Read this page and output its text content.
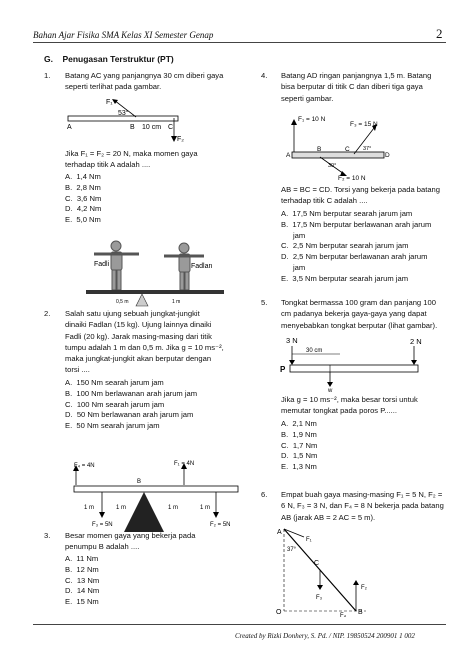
Bahan Ajar Fisika SMA Kelas XI Semester Genap	2
G. Penugasan Terstruktur (PT)
1. Batang AC yang panjangnya 30 cm diberi gaya
seperti terlihat pada gambar.
F₁
F₂
53°
A	B 10 cm C
Jika F₁ = F₂ = 20 N, maka momen gaya
terhadap titik A adalah ....
A.  1,4 Nm
B.  2,8 Nm
C.  3,6 Nm
D.  4,2 Nm
E.  5,0 Nm
Fadli	Fadlan
0,5 m	1 m
2. Salah satu ujung sebuah jungkat-jungkit
dinaiki Fadlan (15 kg). Ujung lainnya dinaiki
Fadli (20 kg). Jarak masing-masing dari titik
tumpu adalah 1 m dan 0,5 m. Jika g = 10 ms⁻²,
maka jungkat-jungkit akan berputar dengan
torsi ....
A.  150 Nm searah jarum jam
B.  100 Nm berlawanan arah jarum jam
C.  100 Nm searah jarum jam
D.  50 Nm berlawanan arah jarum jam
E.  50 Nm searah jarum jam
F₄ = 4N	F₁ = 4N
B
F₃ = 5N	F₂ = 5N
1 m	1 m	1 m	1 m
3. Besar momen gaya yang bekerja pada
penumpu B adalah ....
A.  11 Nm
B.  12 Nm
C.  13 Nm
D.  14 Nm
E.  15 Nm
4. Batang AD ringan panjangnya 1,5 m. Batang
bisa berputar di titik C dan diberi tiga gaya
seperti gambar.
F₁ = 10 N
F₃ = 15 N
37°
30°
F₂ = 10 N
A
B	C
D
AB = BC = CD. Torsi yang bekerja pada batang
terhadap titik C adalah ....
A.  17,5 Nm berputar searah jarum jam
B.  17,5 Nm berputar berlawanan arah jarum
jam
C.  2,5 Nm berputar searah jarum jam
D.  2,5 Nm berputar berlawanan arah jarum
jam
E.  3,5 Nm berputar searah jarum jam
5. Tongkat bermassa 100 gram dan panjang 100
cm padanya bekerja gaya-gaya yang dapat
menyebabkan tongkat berputar (lihat gambar).
3 N	2 N
30 cm
P
w
Jika g = 10 ms⁻², maka besar torsi untuk
memutar tongkat pada poros P......
A.  2,1 Nm
B.  1,9 Nm
C.  1,7 Nm
D.  1,5 Nm
E.  1,3 Nm
6. Empat buah gaya masing-masing F₁ = 5 N, F₂ =
6 N, F₃ = 3 N, dan F₄ = 8 N bekerja pada batang
AB (jarak AB = 2 AC = 5 m).
A
B
C
O
37°
F₁
F₃
F₂
F₄
Created by Rizki Donhery, S. Pd. / NIP. 19850524 200901 1 002
